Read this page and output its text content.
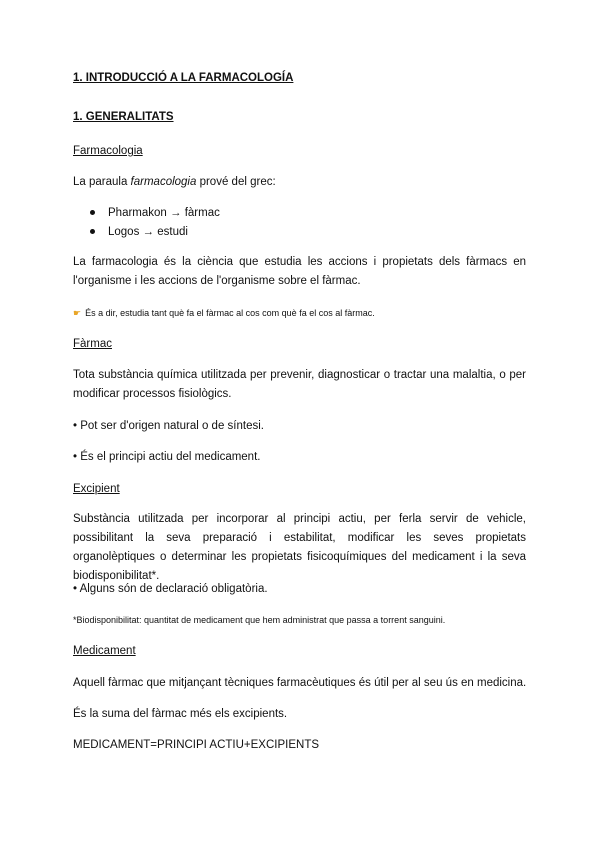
1. INTRODUCCIÓ A LA FARMACOLOGÍA

1. GENERALITATS

Farmacologia

La paraula farmacologia prové del grec:

Pharmakon → fàrmac
Logos → estudi

La farmacologia és la ciència que estudia les accions i propietats dels fàrmacs en l'organisme i les accions de l'organisme sobre el fàrmac.

☛ És a dir, estudia tant què fa el fàrmac al cos com què fa el cos al fàrmac.

Fàrmac

Tota substància química utilitzada per prevenir, diagnosticar o tractar una malaltia, o per modificar processos fisiològics.

• Pot ser d'origen natural o de síntesi.

• És el principi actiu del medicament.

Excipient

Substància utilitzada per incorporar al principi actiu, per ferla servir de vehicle, possibilitant la seva preparació i estabilitat, modificar les seves propietats organolèptiques o determinar les propietats fisicoquímiques del medicament i la seva biodisponibilitat*.

• Alguns són de declaració obligatòria.

*Biodisponibilitat: quantitat de medicament que hem administrat que passa a torrent sanguini.

Medicament

Aquell fàrmac que mitjançant tècniques farmacèutiques és útil per al seu ús en medicina.

És la suma del fàrmac més els excipients.

MEDICAMENT=PRINCIPI ACTIU+EXCIPIENTS
